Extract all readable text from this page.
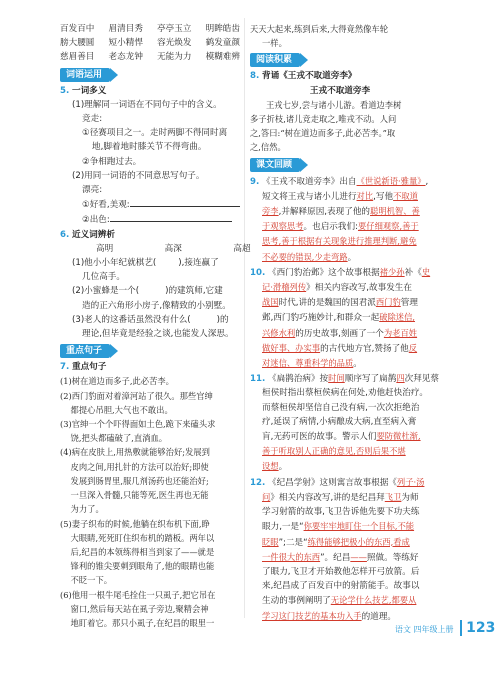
百发百中 眉清目秀 亭亭玉立 明眸皓齿
膀大腰圆 短小精悍 容光焕发 鹤发童颜
慈眉善目 老态龙钟 无能为力 模糊难辨
词语运用
5. 一词多义
(1)理解同一词语在不同句子中的含义。
竞走:
①径赛项目之一。走时两脚不得同时离
地,脚着地时膝关节不得弯曲。
②争相跑过去。
(2)用同一词语的不同意思写句子。
漂亮:
①好看,美观:
②出色:
6. 近义词辨析
高明	高深	高超
(1)他小小年纪就棋艺(	),接连赢了
几位高手。
(2)小蜜蜂是一个(	)的建筑师,它建
造的正六角形小房子,像精致的小别墅。
(3)老人的这番话虽然没有什么(	)的
理论,但毕竟是经验之谈,也能发人深思。
重点句子
7. 重点句子
(1)树在道边而多子,此必苦李。
(2)西门豹面对着漳河站了很久。那些官绅
都提心吊胆,大气也不敢出。
(3)官绅一个个吓得面如土色,跪下来磕头求
饶,把头都磕破了,直淌血。
(4)病在皮肤上,用热敷就能够治好;发展到
皮肉之间,用扎针的方法可以治好;即使
发展到肠胃里,服几剂汤药也还能治好;
一旦深入骨髓,只能等死,医生再也无能
为力了。
(5)妻子织布的时候,他躺在织布机下面,睁
大眼睛,死死盯住织布机的踏板。两年以
后,纪昌的本领练得相当到家了——就是
锋利的锥尖要刺到眼角了,他的眼睛也能
不眨一下。
(6)他用一根牛尾毛拴住一只虱子,把它吊在
窗口,然后每天站在虱子旁边,聚精会神
地盯着它。那只小虱子,在纪昌的眼里一
天天大起来,练到后来,大得竟然像车轮
一样。
阅读积累
8. 背诵《王戎不取道旁李》
王戎不取道旁李
王戎七岁,尝与诸小儿游。看道边李树
多子折枝,诸儿竞走取之,唯戎不动。人问
之,答曰:“树在道边而多子,此必苦李。”取
之,信然。
课文回顾
9. 《王戎不取道旁李》出自《世说新语·雅量》,
短文将王戎与诸小儿进行对比,写他不取道
旁李,并解释原因,表现了他的聪明机智、善
于观察思考。也启示我们:要仔细观察,善于
思考,善于根据有关现象进行推理判断,避免
不必要的错误,少走弯路。
10. 《西门豹治邺》这个故事根据褚少孙补《史
记·滑稽列传》相关内容改写,故事发生在
战国时代,讲的是魏国的国君派西门豹管理
邺,西门豹巧施妙计,和群众一起破除迷信,
兴修水利的历史故事,刻画了一个为老百姓
做好事、办实事的古代地方官,赞扬了他反
对迷信、尊重科学的品质。
11. 《扁鹊治病》按时间顺序写了扁鹊四次拜见蔡
桓侯时指出蔡桓侯病在何处,劝他赶快治疗。
而蔡桓侯却坚信自己没有病,一次次拒绝治
疗,延误了病情,小病酿成大病,直至病入膏
肓,无药可医的故事。警示人们要防微杜渐,
善于听取别人正确的意见,否则后果不堪
设想。
12. 《纪昌学射》这则寓言故事根据《列子·汤
问》相关内容改写,讲的是纪昌拜飞卫为师
学习射箭的故事,飞卫告诉他先要下功夫练
眼力,一是“你要牢牢地盯住一个目标,不能
眨眼”;二是“练得能够把极小的东西,看成
一件很大的东西”。纪昌——照做。等练好
了眼力,飞卫才开始教他怎样开弓放箭。后
来,纪昌成了百发百中的射箭能手。故事以
生动的事例阐明了无论学什么技艺,都要从
学习这门技艺的基本功入手的道理。
语文 四年级上册 123
